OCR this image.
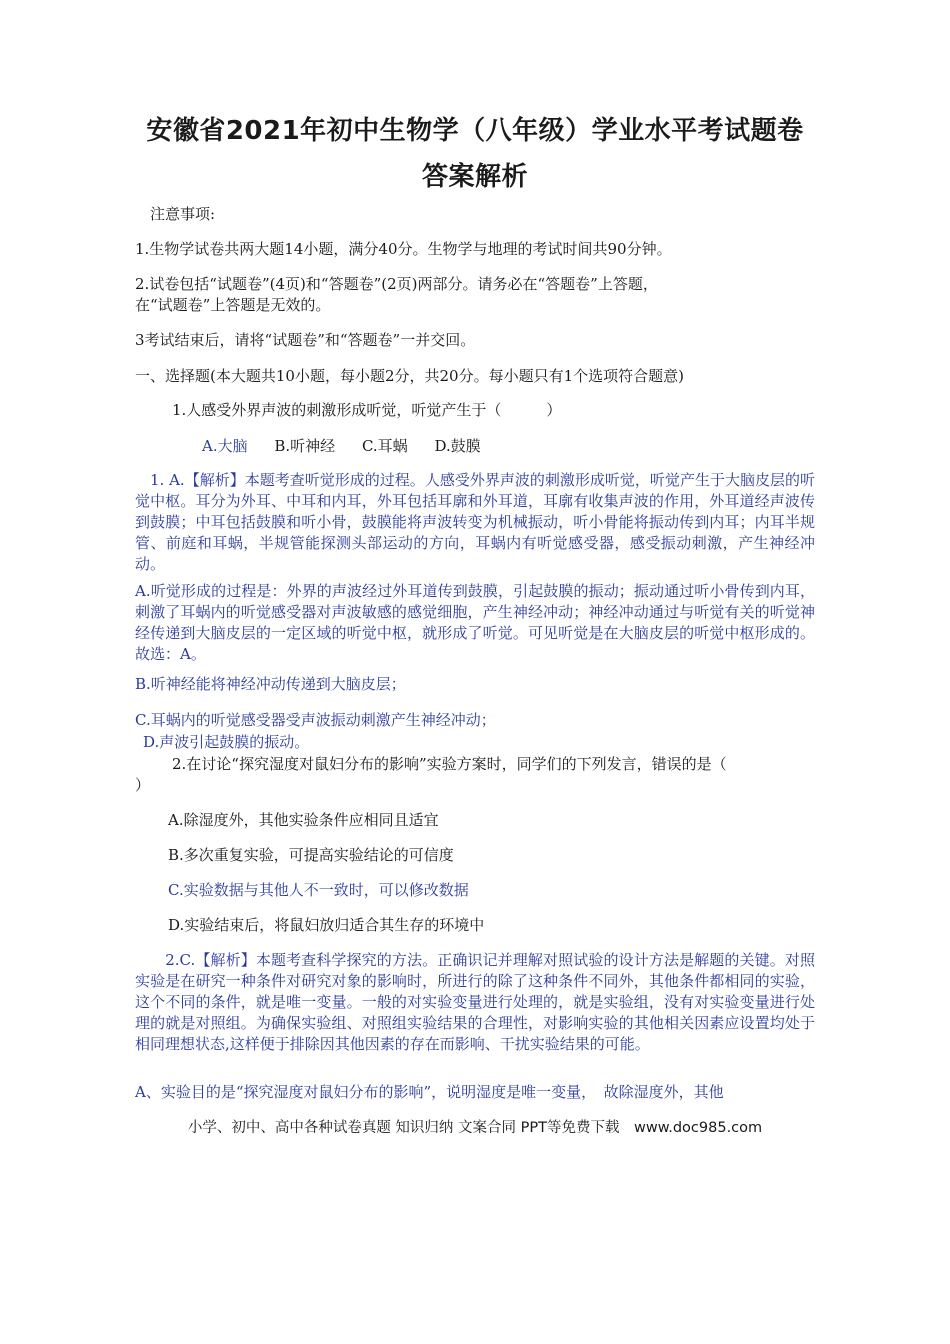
安徽省2021年初中生物学（八年级）学业水平考试题卷
答案解析
注意事项:
1.生物学试卷共两大题14小题，满分40分。生物学与地理的考试时间共90分钟。
2.试卷包括“试题卷”(4页)和“答题卷”(2页)两部分。请务必在“答题卷”上答题，
在“试题卷”上答题是无效的。
3考试结束后，请将“试题卷”和“答题卷”一并交回。
一、选择题(本大题共10小题，每小题2分，共20分。每小题只有1个选项符合题意)
1.人感受外界声波的刺激形成听觉，听觉产生于（　　　）
A.大脑 B.听神经 C.耳蜗 D.鼓膜
　1. A.【解析】本题考查听觉形成的过程。人感受外界声波的刺激形成听觉，听觉产生于大脑皮层的听觉中枢。耳分为外耳、中耳和内耳，外耳包括耳廓和外耳道，耳廓有收集声波的作用，外耳道经声波传到鼓膜；中耳包括鼓膜和听小骨，鼓膜能将声波转变为机械振动，听小骨能将振动传到内耳；内耳半规管、前庭和耳蜗，半规管能探测头部运动的方向，耳蜗内有听觉感受器，感受振动刺激，产生神经冲动。
A.听觉形成的过程是：外界的声波经过外耳道传到鼓膜，引起鼓膜的振动；振动通过听小骨传到内耳，刺激了耳蜗内的听觉感受器对声波敏感的感觉细胞，产生神经冲动；神经冲动通过与听觉有关的听觉神经传递到大脑皮层的一定区域的听觉中枢，就形成了听觉。可见听觉是在大脑皮层的听觉中枢形成的。故选：A。
B.听神经能将神经冲动传递到大脑皮层；
C.耳蜗内的听觉感受器受声波振动刺激产生神经冲动；
D.声波引起鼓膜的振动。
2.在讨论“探究湿度对鼠妇分布的影响”实验方案时，同学们的下列发言，错误的是（
）
A.除湿度外，其他实验条件应相同且适宜
B.多次重复实验，可提高实验结论的可信度
C.实验数据与其他人不一致时，可以修改数据
D.实验结束后，将鼠妇放归适合其生存的环境中
　　2.C.【解析】本题考查科学探究的方法。正确识记并理解对照试验的设计方法是解题的关键。对照实验是在研究一种条件对研究对象的影响时，所进行的除了这种条件不同外，其他条件都相同的实验，这个不同的条件，就是唯一变量。一般的对实验变量进行处理的，就是实验组，没有对实验变量进行处理的就是对照组。为确保实验组、对照组实验结果的合理性，对影响实验的其他相关因素应设置均处于相同理想状态,这样便于排除因其他因素的存在而影响、干扰实验结果的可能。
A、实验目的是“探究湿度对鼠妇分布的影响”，说明湿度是唯一变量，　故除湿度外，其他
小学、初中、高中各种试卷真题 知识归纳 文案合同 PPT等免费下载　www.doc985.com
